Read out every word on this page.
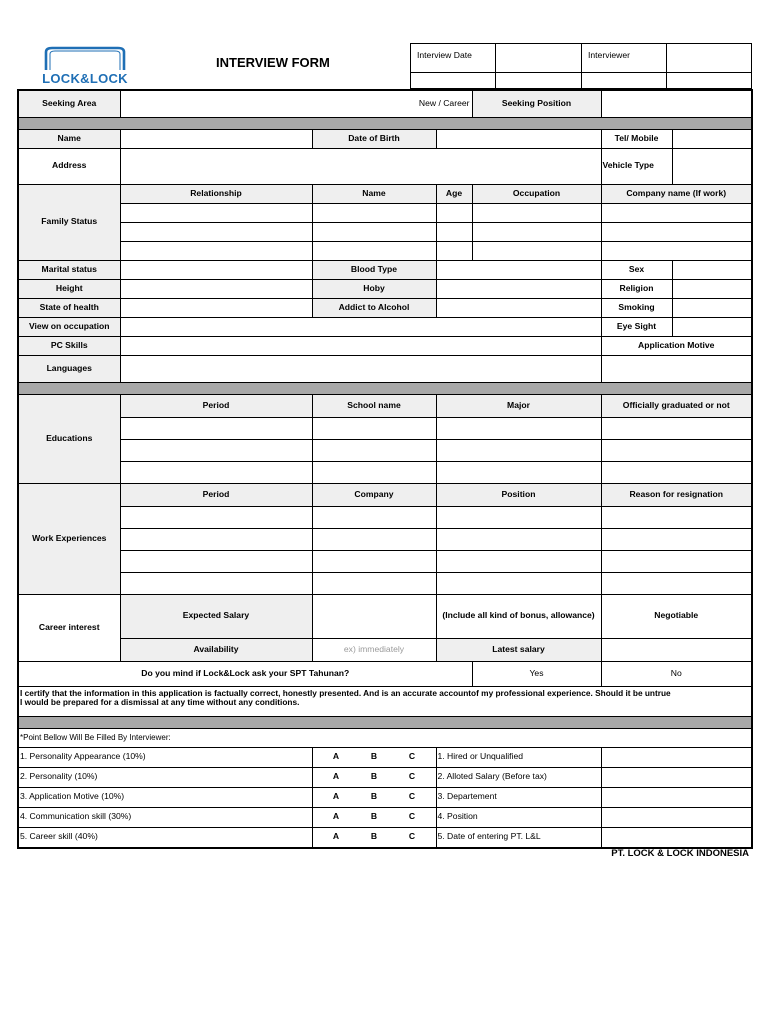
LOCK&LOCK
INTERVIEW FORM	Interview Date		Interviewer	

Seeking Area	New / Career			Seeking Position		

Name		Date of Birth			Tel/ Mobile	
Address					Vehicle Type	
Family Status	Relationship	Name	Age	Occupation	Company name (If work)	

Marital status		Blood Type			Sex	
Height		Hoby			Religion	
State of health		Addict to Alcohol			Smoking	
View on occupation					Eye Sight	
PC Skills					Application Motive	
Languages						

Educations	Period	School name	Major		Officially graduated or not	

Work Experiences	Period	Company	Position		Reason for resignation	

Career interest	Expected Salary		(Include all kind of bonus, allowance)		Negotiable	
	Availability	ex) immediately	Latest salary			
Do you mind if Lock&Lock ask your SPT Tahunan?				Yes	No	

I certify that the information in this application is factually correct, honestly presented. And is an accurate accountof my professional experience. Should it be untrue
I would be prepared for a dismissal at any time without any conditions.						

*Point Bellow Will Be Filled By Interviewer:						
1. Personality Appearance (10%)		A B C	1. Hired or Unqualified			
2. Personality (10%)		A B C	2. Alloted Salary (Before tax)			
3. Application Motive (10%)		A B C	3. Departement			
4. Communication skill (30%)		A B C	4. Position			
5. Career skill (40%)		A B C	5. Date of entering PT. L&L			
PT. LOCK & LOCK INDONESIA
